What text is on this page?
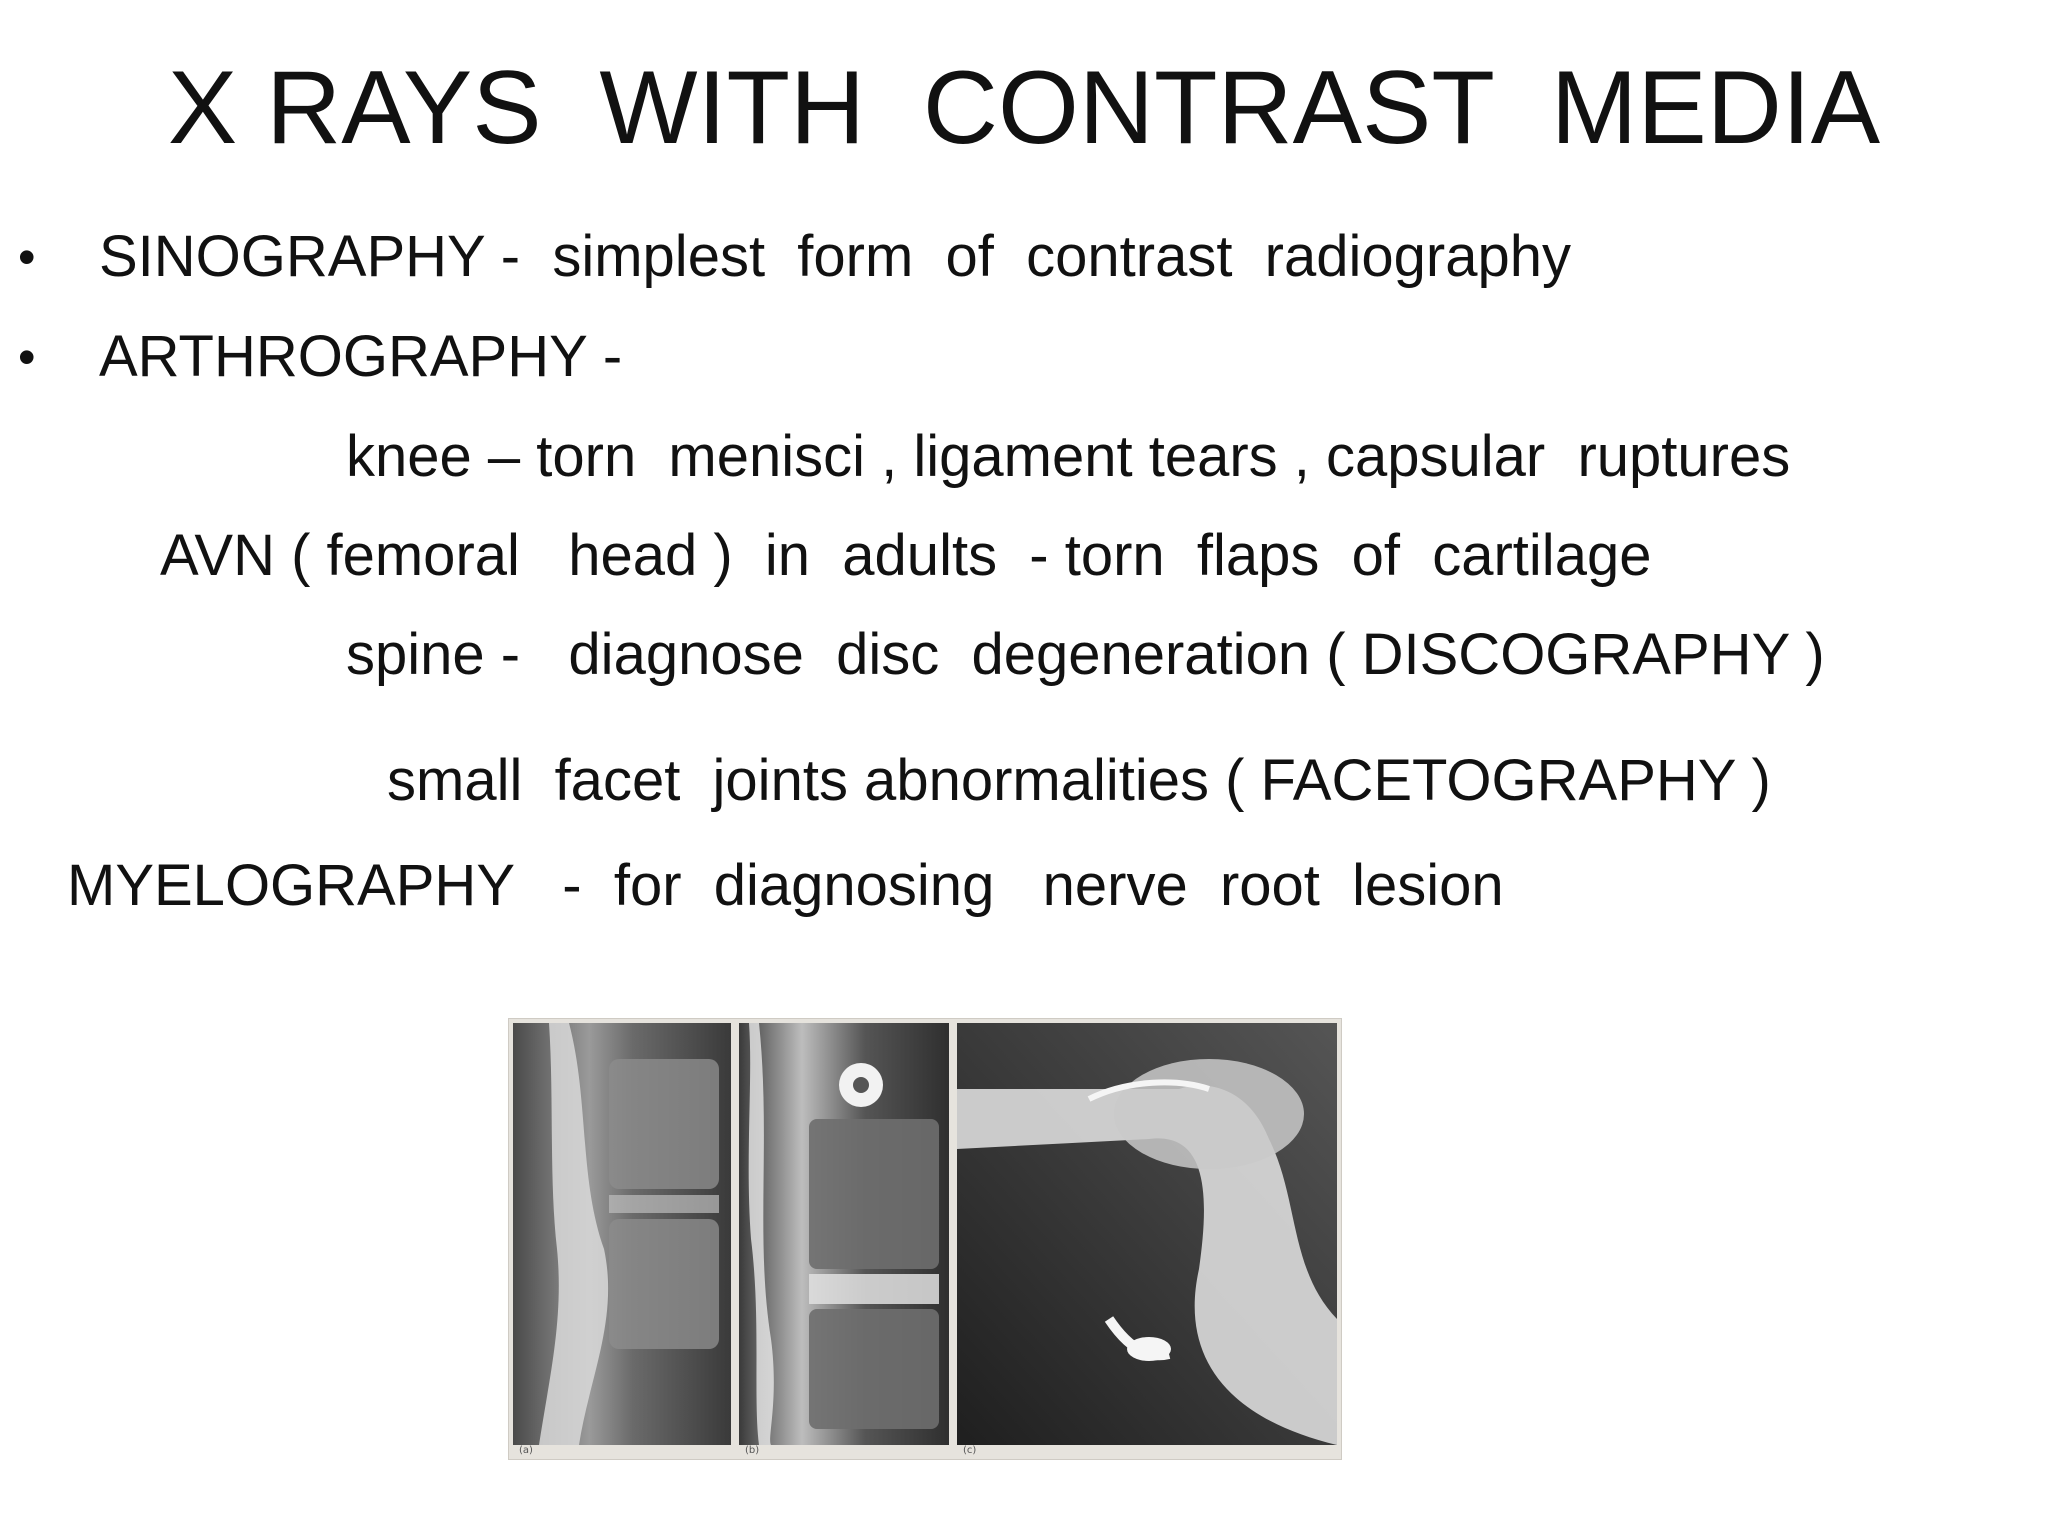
X RAYS  WITH  CONTRAST  MEDIA
• SINOGRAPHY -  simplest  form  of  contrast  radiography
• ARTHROGRAPHY -
knee – torn  menisci , ligament tears , capsular  ruptures
AVN ( femoral   head )  in  adults  - torn  flaps  of  cartilage
spine -   diagnose  disc  degeneration ( DISCOGRAPHY )
small  facet  joints abnormalities ( FACETOGRAPHY )
MYELOGRAPHY   -  for  diagnosing   nerve  root  lesion
(a)	(b)	(c)
